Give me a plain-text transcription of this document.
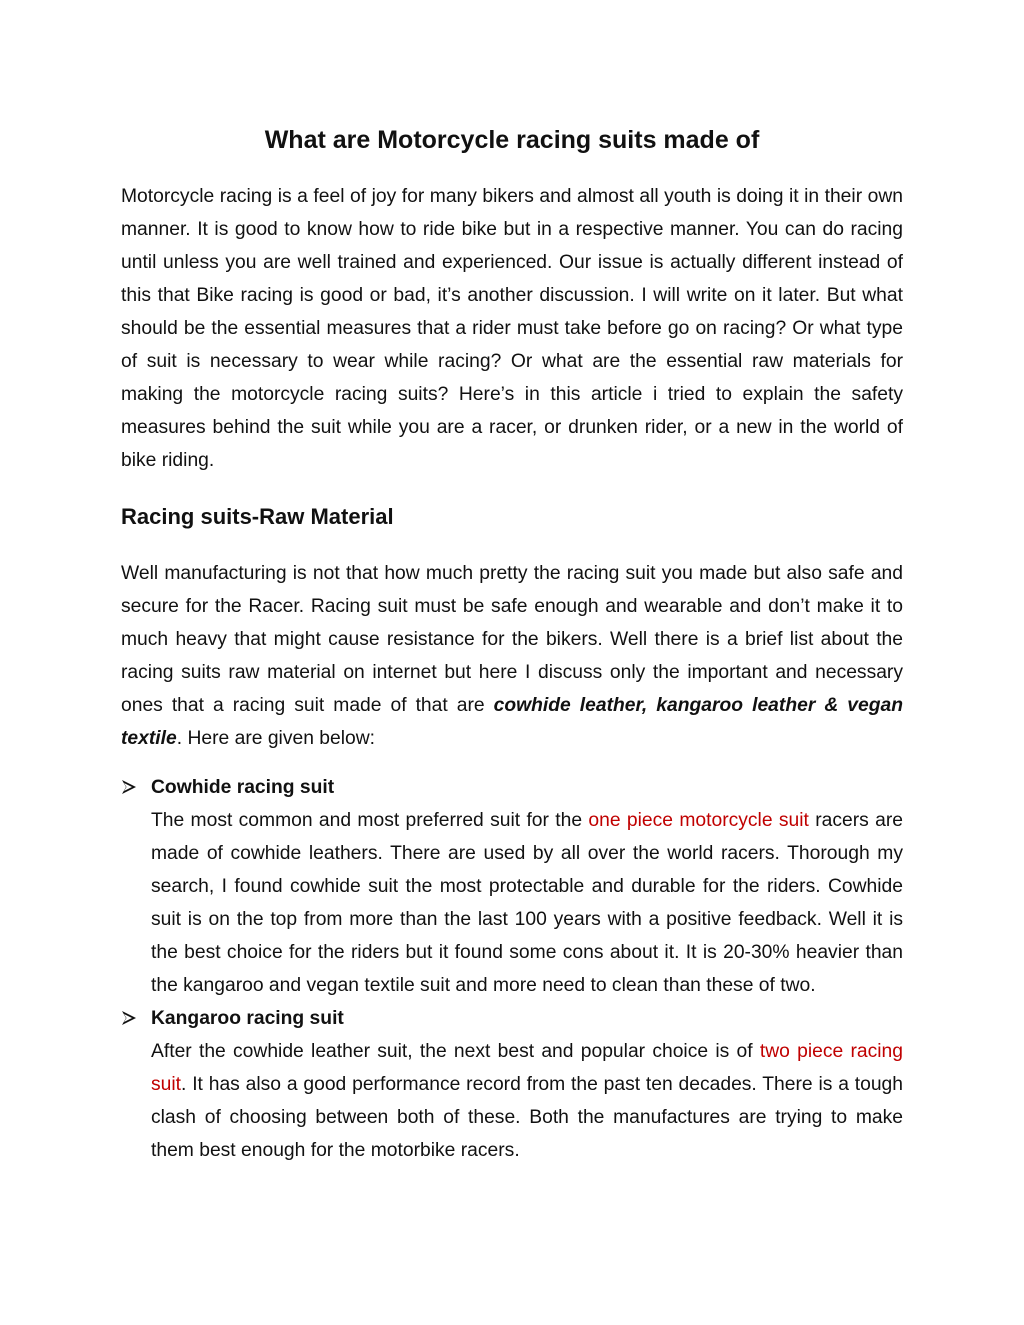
What are Motorcycle racing suits made of

Motorcycle racing is a feel of joy for many bikers and almost all youth is doing it in their own manner. It is good to know how to ride bike but in a respective manner. You can do racing until unless you are well trained and experienced. Our issue is actually different instead of this that Bike racing is good or bad, it’s another discussion. I will write on it later. But what should be the essential measures that a rider must take before go on racing? Or what type of suit is necessary to wear while racing? Or what are the essential raw materials for making the motorcycle racing suits? Here’s in this article i tried to explain the safety measures behind the suit while you are a racer, or drunken rider, or a new in the world of bike riding.

Racing suits-Raw Material

Well manufacturing is not that how much pretty the racing suit you made but also safe and secure for the Racer. Racing suit must be safe enough and wearable and don’t make it to much heavy that might cause resistance for the bikers. Well there is a brief list about the racing suits raw material on internet but here I discuss only the important and necessary ones that a racing suit made of that are cowhide leather, kangaroo leather & vegan textile. Here are given below:

Cowhide racing suit

The most common and most preferred suit for the one piece motorcycle suit racers are made of cowhide leathers. There are used by all over the world racers. Thorough my search, I found cowhide suit the most protectable and durable for the riders. Cowhide suit is on the top from more than the last 100 years with a positive feedback. Well it is the best choice for the riders but it found some cons about it. It is 20-30% heavier than the kangaroo and vegan textile suit and more need to clean than these of two.

Kangaroo racing suit

After the cowhide leather suit, the next best and popular choice is of two piece racing suit. It has also a good performance record from the past ten decades. There is a tough clash of choosing between both of these. Both the manufactures are trying to make them best enough for the motorbike racers.
